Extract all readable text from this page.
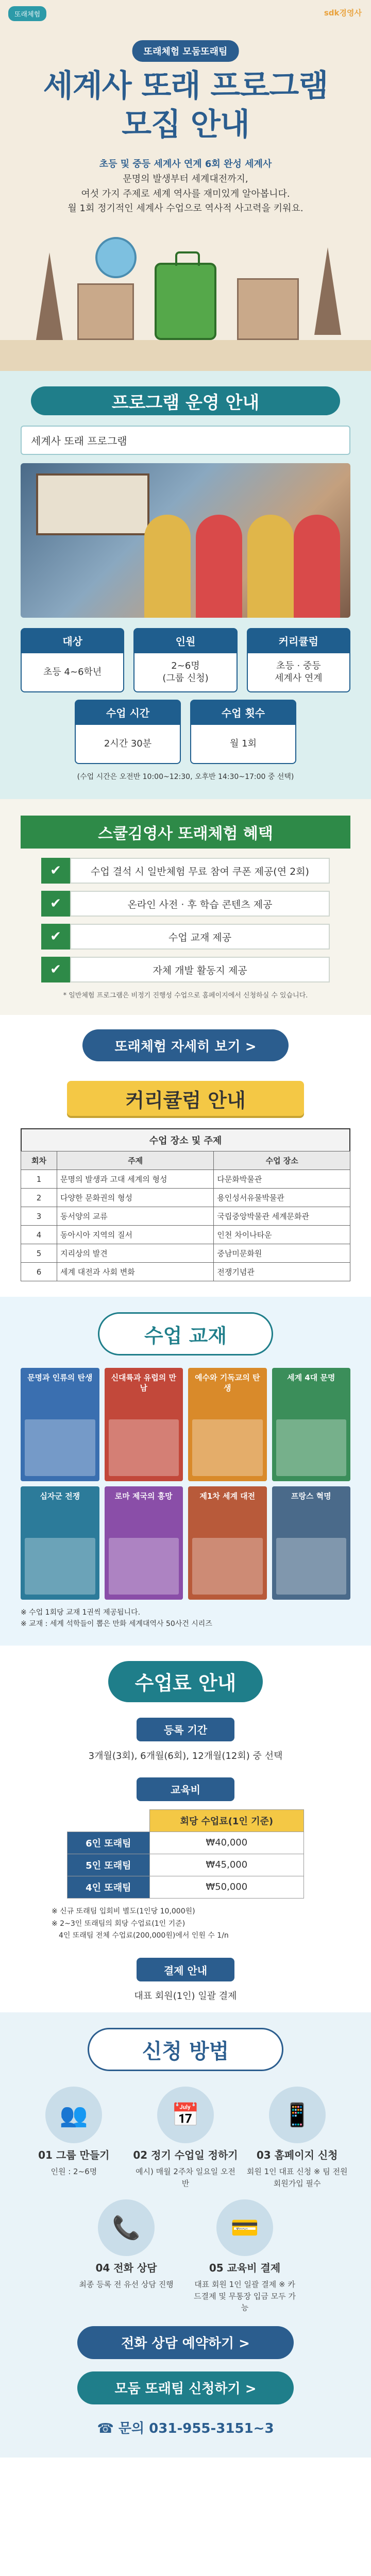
또래체험	sdk경영사
또래체험 모둠또래팀
세계사 또래 프로그램
모집 안내
초등 및 중등 세계사 연계 6회 완성 세계사
문명의 발생부터 세계대전까지,
여섯 가지 주제로 세계 역사를 재미있게 알아봅니다.
월 1회 정기적인 세계사 수업으로 역사적 사고력을 키워요.
프로그램 운영 안내
세계사 또래 프로그램
대상
초등 4~6학년
인원
2~6명
(그룹 신청)
커리큘럼
초등 · 중등
세계사 연계
수업 시간
2시간 30분
수업 횟수
월 1회
(수업 시간은 오전반 10:00~12:30, 오후반 14:30~17:00 중 선택)
스쿨김영사 또래체험 혜택
✔	수업 결석 시 일반체험 무료 참여 쿠폰 제공(연 2회)
✔	온라인 사전 · 후 학습 콘텐츠 제공
✔	수업 교재 제공
✔	자체 개발 활동지 제공
* 일반체험 프로그램은 비정기 진행성 수업으로 홈페이지에서 신청하실 수 있습니다.
또래체험 자세히 보기 >
커리큘럼 안내
수업 장소 및 주제
회차	주제	수업 장소
1	문명의 발생과 고대 세계의 형성	다문화박물관
2	다양한 문화권의 형성	용인성서유물박물관
3	동서양의 교류	국립중앙박물관 세계문화관
4	동아시아 지역의 질서	인천 차이나타운
5	지리상의 발견	중남미문화원
6	세계 대전과 사회 변화	전쟁기념관
수업 교재
문명과 인류의 탄생	신대륙과 유럽의 만남
예수와 기독교의 탄생
세계 4대 문명
십자군 전쟁	로마 제국의 흥망	제1차 세계 대전	프랑스 혁명
※ 수업 1회당 교재 1권씩 제공됩니다.
※ 교재 : 세계 석학들이 뽑은 만화 세계대역사 50사건 시리즈
수업료 안내
등록 기간
3개월(3회), 6개월(6회), 12개월(12회) 중 선택
교육비
	회당 수업료(1인 기준)
6인 또래팀	₩40,000
5인 또래팀	₩45,000
4인 또래팀	₩50,000
※ 신규 또래팀 입회비 별도(1인당 10,000원)
※ 2~3인 또래팀의 회당 수업료(1인 기준)
4인 또래팀 전체 수업료(200,000원)에서 인원 수 1/n
결제 안내
대표 회원(1인) 일괄 결제
신청 방법
👥
01 그룹 만들기
인원 : 2~6명
📅
02 정기 수업일 정하기
예시) 매월 2주차 일요일 오전반
📱
03 홈페이지 신청
회원 1인 대표 신청 ※ 팀 전원 회원가입 필수
📞
04 전화 상담
최종 등록 전 유선 상담 진행
💳
05 교육비 결제
대표 회원 1인 일괄 결제 ※ 카드결제 및 무통장 입금 모두 가능
전화 상담 예약하기 >
모둠 또래팀 신청하기 >
☎ 문의 031-955-3151~3
